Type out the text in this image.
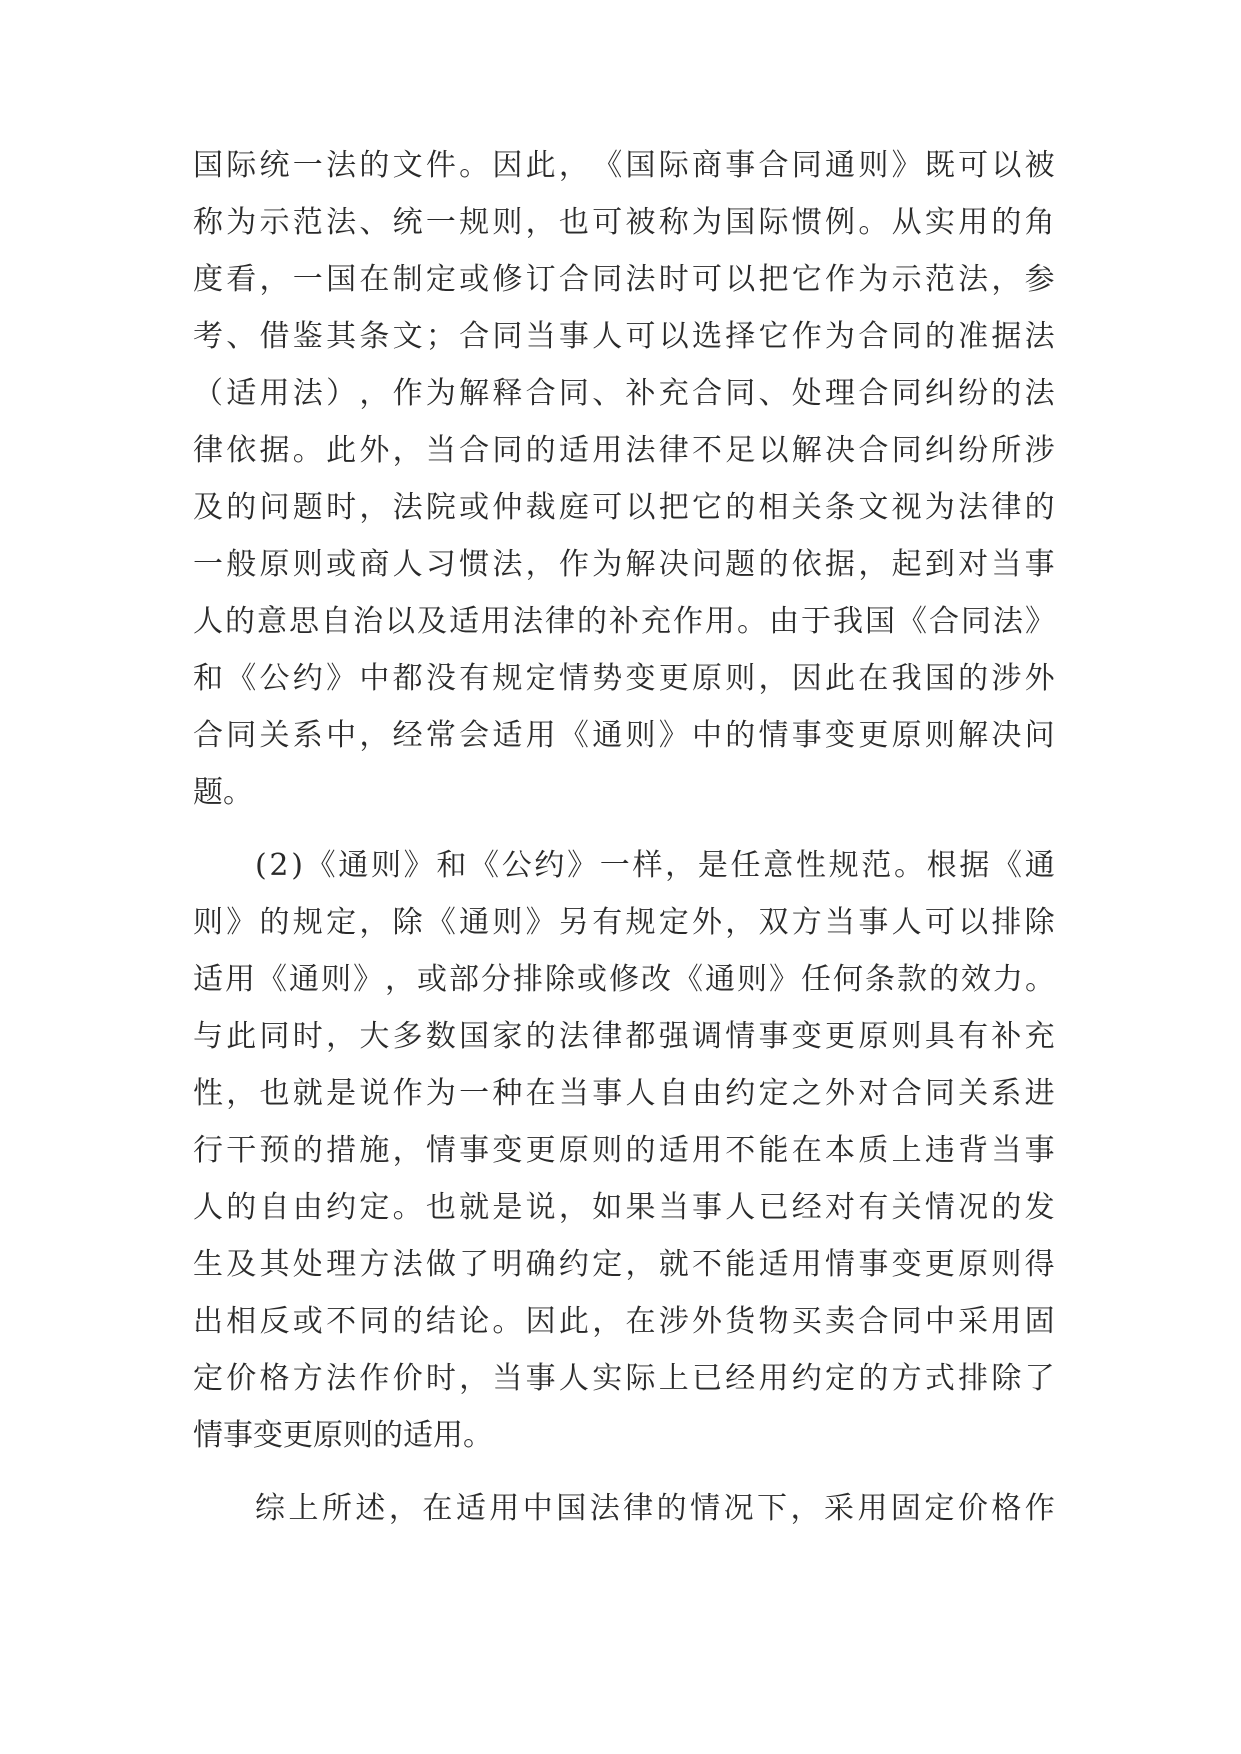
国 际 统 一 法 的 文 件 。 因 此 ， 《 国 际 商 事 合 同 通 则 》 既 可 以 被
称 为 示 范 法 、 统 一 规 则 ， 也 可 被 称 为 国 际 惯 例 。 从 实 用 的 角
度 看 ， 一 国 在 制 定 或 修 订 合 同 法 时 可 以 把 它 作 为 示 范 法 ， 参
考 、 借 鉴 其 条 文 ； 合 同 当 事 人 可 以 选 择 它 作 为 合 同 的 准 据 法
（ 适 用 法 ） ， 作 为 解 释 合 同 、 补 充 合 同 、 处 理 合 同 纠 纷 的 法
律 依 据 。 此 外 ， 当 合 同 的 适 用 法 律 不 足 以 解 决 合 同 纠 纷 所 涉
及 的 问 题 时 ， 法 院 或 仲 裁 庭 可 以 把 它 的 相 关 条 文 视 为 法 律 的
一 般 原 则 或 商 人 习 惯 法 ， 作 为 解 决 问 题 的 依 据 ， 起 到 对 当 事
人 的 意 思 自 治 以 及 适 用 法 律 的 补 充 作 用 。 由 于 我 国 《 合 同 法 》
和 《 公 约 》 中 都 没 有 规 定 情 势 变 更 原 则 ， 因 此 在 我 国 的 涉 外
合 同 关 系 中 ， 经 常 会 适 用 《 通 则 》 中 的 情 事 变 更 原 则 解 决 问
题。
( 2 ) 《 通 则 》 和 《 公 约 》 一 样 ， 是 任 意 性 规 范 。 根 据 《 通
则 》 的 规 定 ， 除 《 通 则 》 另 有 规 定 外 ， 双 方 当 事 人 可 以 排 除
适 用 《 通 则 》 ， 或 部 分 排 除 或 修 改 《 通 则 》 任 何 条 款 的 效 力 。
与 此 同 时 ， 大 多 数 国 家 的 法 律 都 强 调 情 事 变 更 原 则 具 有 补 充
性 ， 也 就 是 说 作 为 一 种 在 当 事 人 自 由 约 定 之 外 对 合 同 关 系 进
行 干 预 的 措 施 ， 情 事 变 更 原 则 的 适 用 不 能 在 本 质 上 违 背 当 事
人 的 自 由 约 定 。 也 就 是 说 ， 如 果 当 事 人 已 经 对 有 关 情 况 的 发
生 及 其 处 理 方 法 做 了 明 确 约 定 ， 就 不 能 适 用 情 事 变 更 原 则 得
出 相 反 或 不 同 的 结 论 。 因 此 ， 在 涉 外 货 物 买 卖 合 同 中 采 用 固
定 价 格 方 法 作 价 时 ， 当 事 人 实 际 上 已 经 用 约 定 的 方 式 排 除 了
情事变更原则的适用。
综 上 所 述 ， 在 适 用 中 国 法 律 的 情 况 下 ， 采 用 固 定 价 格 作
